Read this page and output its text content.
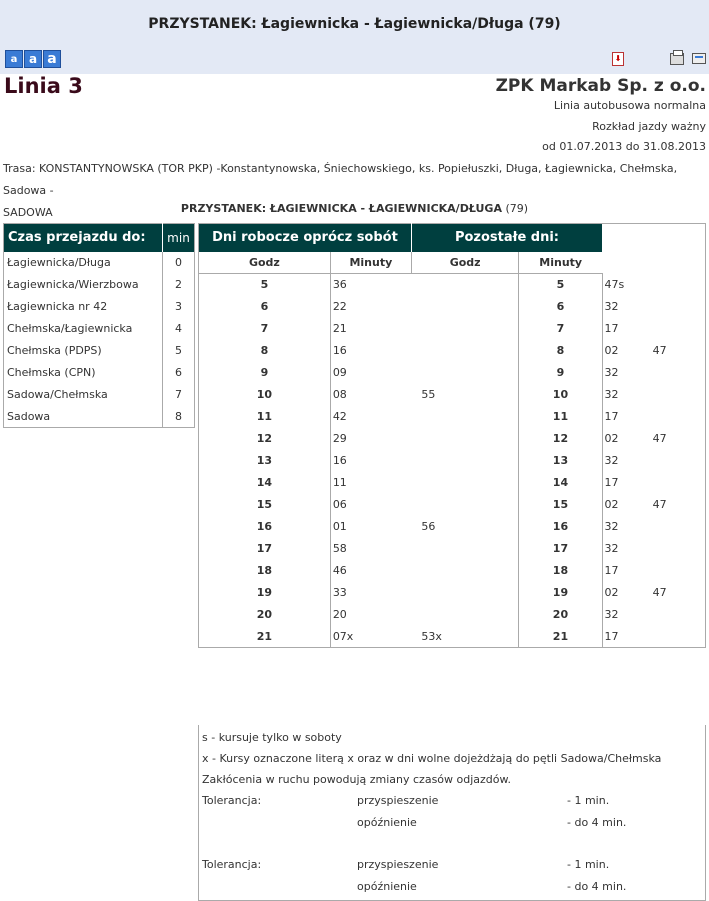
PRZYSTANEK: Łagiewnicka - Łagiewnicka/Długa (79)
a a a	⬇
Linia 3	ZPK Markab Sp. z o.o.
Linia autobusowa normalna
Rozkład jazdy ważny
od 01.07.2013 do 31.08.2013
Trasa: KONSTANTYNOWSKA (TOR PKP) -Konstantynowska, Śniechowskiego, ks. Popiełuszki, Długa, Łagiewnicka, Chełmska, Sadowa -
SADOWA	PRZYSTANEK: ŁAGIEWNICKA - ŁAGIEWNICKA/DŁUGA (79)
Czas przejazdu do:	min
Łagiewnicka/Długa	0
Łagiewnicka/Wierzbowa	2
Łagiewnicka nr 42	3
Chełmska/Łagiewnicka	4
Chełmska (PDPS)	5
Chełmska (CPN)	6
Sadowa/Chełmska	7
Sadowa	8
Dni robocze oprócz sobót		Pozostałe dni:			
Godz	Minuty	Godz	Minuty		
5	36		5	47s	
6	22		6	32	
7	21		7	17	
8	16		8	02	47
9	09		9	32	
10	08	55	10	32	
11	42		11	17	
12	29		12	02	47
13	16		13	32	
14	11		14	17	
15	06		15	02	47
16	01	56	16	32	
17	58		17	32	
18	46		18	17	
19	33		19	02	47
20	20		20	32	
21	07x	53x	21	17	
s - kursuje tylko w soboty
x - Kursy oznaczone literą x oraz w dni wolne dojeżdżają do pętli Sadowa/Chełmska
Zakłócenia w ruchu powodują zmiany czasów odjazdów.
Tolerancja:	przyspieszenie	- 1 min.
opóźnienie	- do 4 min.
Tolerancja:	przyspieszenie	- 1 min.
opóźnienie	- do 4 min.
